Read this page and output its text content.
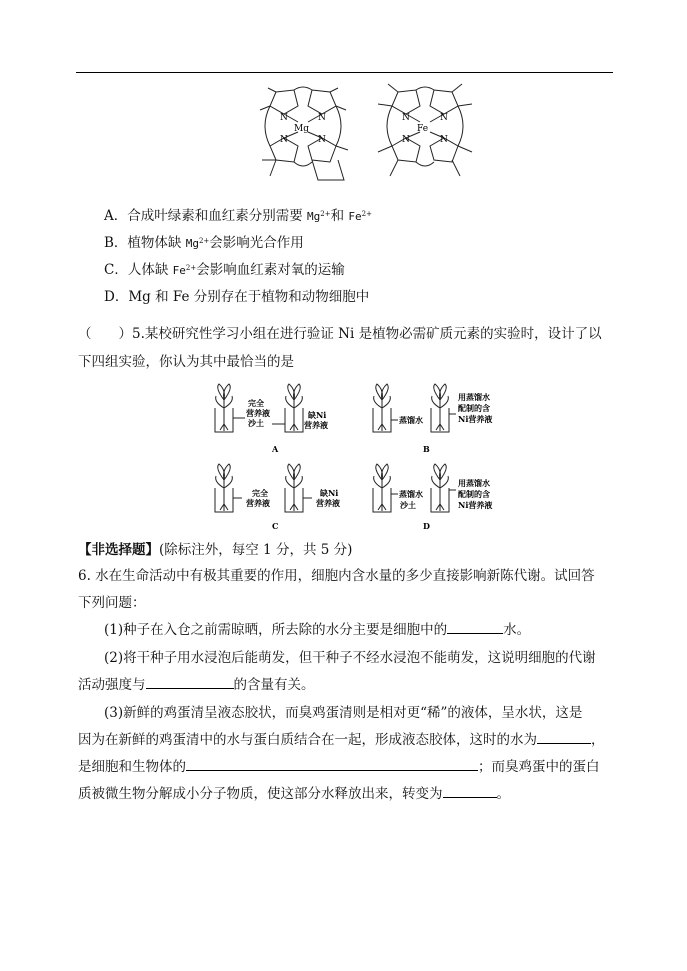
N	N
N	N
Mg
N	N
N	N
Fe
A．合成叶绿素和血红素分别需要 $Mg^{2+}$和 $Fe^{2+}$
B．植物体缺 $Mg^{2+}$会影响光合作用
C．人体缺 $Fe^{2+}$会影响血红素对氧的运输
D．Mg 和 Fe 分别存在于植物和动物细胞中
（　　）5.某校研究性学习小组在进行验证 Ni 是植物必需矿质元素的实验时，设计了以
下四组实验，你认为其中最恰当的是
完全
营养液
沙土
缺Ni
营养液
A
蒸馏水
用蒸馏水
配制的含
Ni营养液
B
完全
营养液
缺Ni
营养液
C
蒸馏水
沙土
用蒸馏水
配制的含
Ni营养液
D
【非选择题】(除标注外，每空 1 分，共 5 分)
6. 水在生命活动中有极其重要的作用，细胞内含水量的多少直接影响新陈代谢。试回答
下列问题：
(1)种子在入仓之前需晾晒，所去除的水分主要是细胞中的	水。
(2)将干种子用水浸泡后能萌发，但干种子不经水浸泡不能萌发，这说明细胞的代谢
活动强度与	的含量有关。
(3)新鲜的鸡蛋清呈液态胶状，而臭鸡蛋清则是相对更“稀”的液体，呈水状，这是
因为在新鲜的鸡蛋清中的水与蛋白质结合在一起，形成液态胶体，这时的水为	，
是细胞和生物体的	；而臭鸡蛋中的蛋白
质被微生物分解成小分子物质，使这部分水释放出来，转变为	。
